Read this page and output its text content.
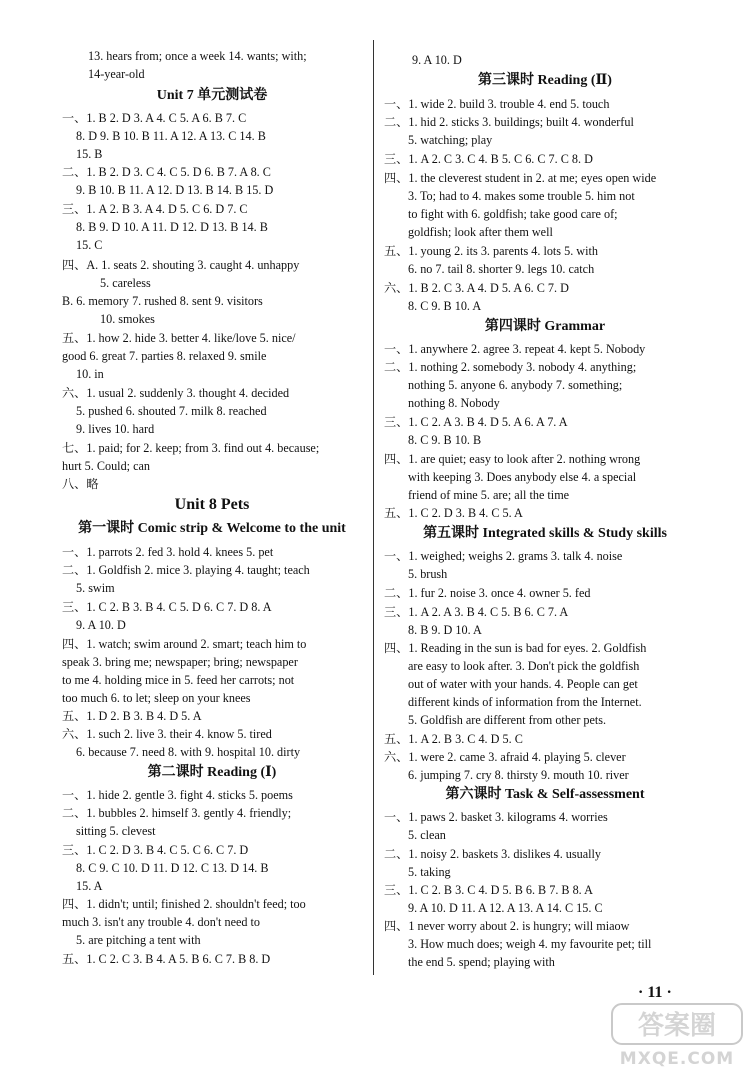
13. hears from; once a week 14. wants; with;
14-year-old
Unit 7 单元测试卷
一、1. B 2. D 3. A 4. C 5. A 6. B 7. C
8. D 9. B 10. B 11. A 12. A 13. C 14. B
15. B
二、1. B 2. D 3. C 4. C 5. D 6. B 7. A 8. C
9. B 10. B 11. A 12. D 13. B 14. B 15. D
三、1. A 2. B 3. A 4. D 5. C 6. D 7. C
8. B 9. D 10. A 11. D 12. D 13. B 14. B
15. C
四、A. 1. seats 2. shouting 3. caught 4. unhappy
5. careless
B. 6. memory 7. rushed 8. sent 9. visitors
10. smokes
五、1. how 2. hide 3. better 4. like/love 5. nice/
good 6. great 7. parties 8. relaxed 9. smile
10. in
六、1. usual 2. suddenly 3. thought 4. decided
5. pushed 6. shouted 7. milk 8. reached
9. lives 10. hard
七、1. paid; for 2. keep; from 3. find out 4. because;
hurt 5. Could; can
八、略
Unit 8 Pets
第一课时 Comic strip & Welcome to the unit
一、1. parrots 2. fed 3. hold 4. knees 5. pet
二、1. Goldfish 2. mice 3. playing 4. taught; teach
5. swim
三、1. C 2. B 3. B 4. C 5. D 6. C 7. D 8. A
9. A 10. D
四、1. watch; swim around 2. smart; teach him to
speak 3. bring me; newspaper; bring; newspaper
to me 4. holding mice in 5. feed her carrots; not
too much 6. to let; sleep on your knees
五、1. D 2. B 3. B 4. D 5. A
六、1. such 2. live 3. their 4. know 5. tired
6. because 7. need 8. with 9. hospital 10. dirty
第二课时 Reading (Ⅰ)
一、1. hide 2. gentle 3. fight 4. sticks 5. poems
二、1. bubbles 2. himself 3. gently 4. friendly;
sitting 5. clevest
三、1. C 2. D 3. B 4. C 5. C 6. C 7. D
8. C 9. C 10. D 11. D 12. C 13. D 14. B
15. A
四、1. didn't; until; finished 2. shouldn't feed; too
much 3. isn't any trouble 4. don't need to
5. are pitching a tent with
五、1. C 2. C 3. B 4. A 5. B 6. C 7. B 8. D
9. A 10. D
第三课时 Reading (Ⅱ)
一、1. wide 2. build 3. trouble 4. end 5. touch
二、1. hid 2. sticks 3. buildings; built 4. wonderful
5. watching; play
三、1. A 2. C 3. C 4. B 5. C 6. C 7. C 8. D
四、1. the cleverest student in 2. at me; eyes open wide
3. To; had to 4. makes some trouble 5. him not
to fight with 6. goldfish; take good care of;
goldfish; look after them well
五、1. young 2. its 3. parents 4. lots 5. with
6. no 7. tail 8. shorter 9. legs 10. catch
六、1. B 2. C 3. A 4. D 5. A 6. C 7. D
8. C 9. B 10. A
第四课时 Grammar
一、1. anywhere 2. agree 3. repeat 4. kept 5. Nobody
二、1. nothing 2. somebody 3. nobody 4. anything;
nothing 5. anyone 6. anybody 7. something;
nothing 8. Nobody
三、1. C 2. A 3. B 4. D 5. A 6. A 7. A
8. C 9. B 10. B
四、1. are quiet; easy to look after 2. nothing wrong
with keeping 3. Does anybody else 4. a special
friend of mine 5. are; all the time
五、1. C 2. D 3. B 4. C 5. A
第五课时 Integrated skills & Study skills
一、1. weighed; weighs 2. grams 3. talk 4. noise
5. brush
二、1. fur 2. noise 3. once 4. owner 5. fed
三、1. A 2. A 3. B 4. C 5. B 6. C 7. A
8. B 9. D 10. A
四、1. Reading in the sun is bad for eyes. 2. Goldfish
are easy to look after. 3. Don't pick the goldfish
out of water with your hands. 4. People can get
different kinds of information from the Internet.
5. Goldfish are different from other pets.
五、1. A 2. B 3. C 4. D 5. C
六、1. were 2. came 3. afraid 4. playing 5. clever
6. jumping 7. cry 8. thirsty 9. mouth 10. river
第六课时 Task & Self-assessment
一、1. paws 2. basket 3. kilograms 4. worries
5. clean
二、1. noisy 2. baskets 3. dislikes 4. usually
5. taking
三、1. C 2. B 3. C 4. D 5. B 6. B 7. B 8. A
9. A 10. D 11. A 12. A 13. A 14. C 15. C
四、1 never worry about 2. is hungry; will miaow
3. How much does; weigh 4. my favourite pet; till
the end 5. spend; playing with
· 11 ·
答案圈
MXQE.COM
